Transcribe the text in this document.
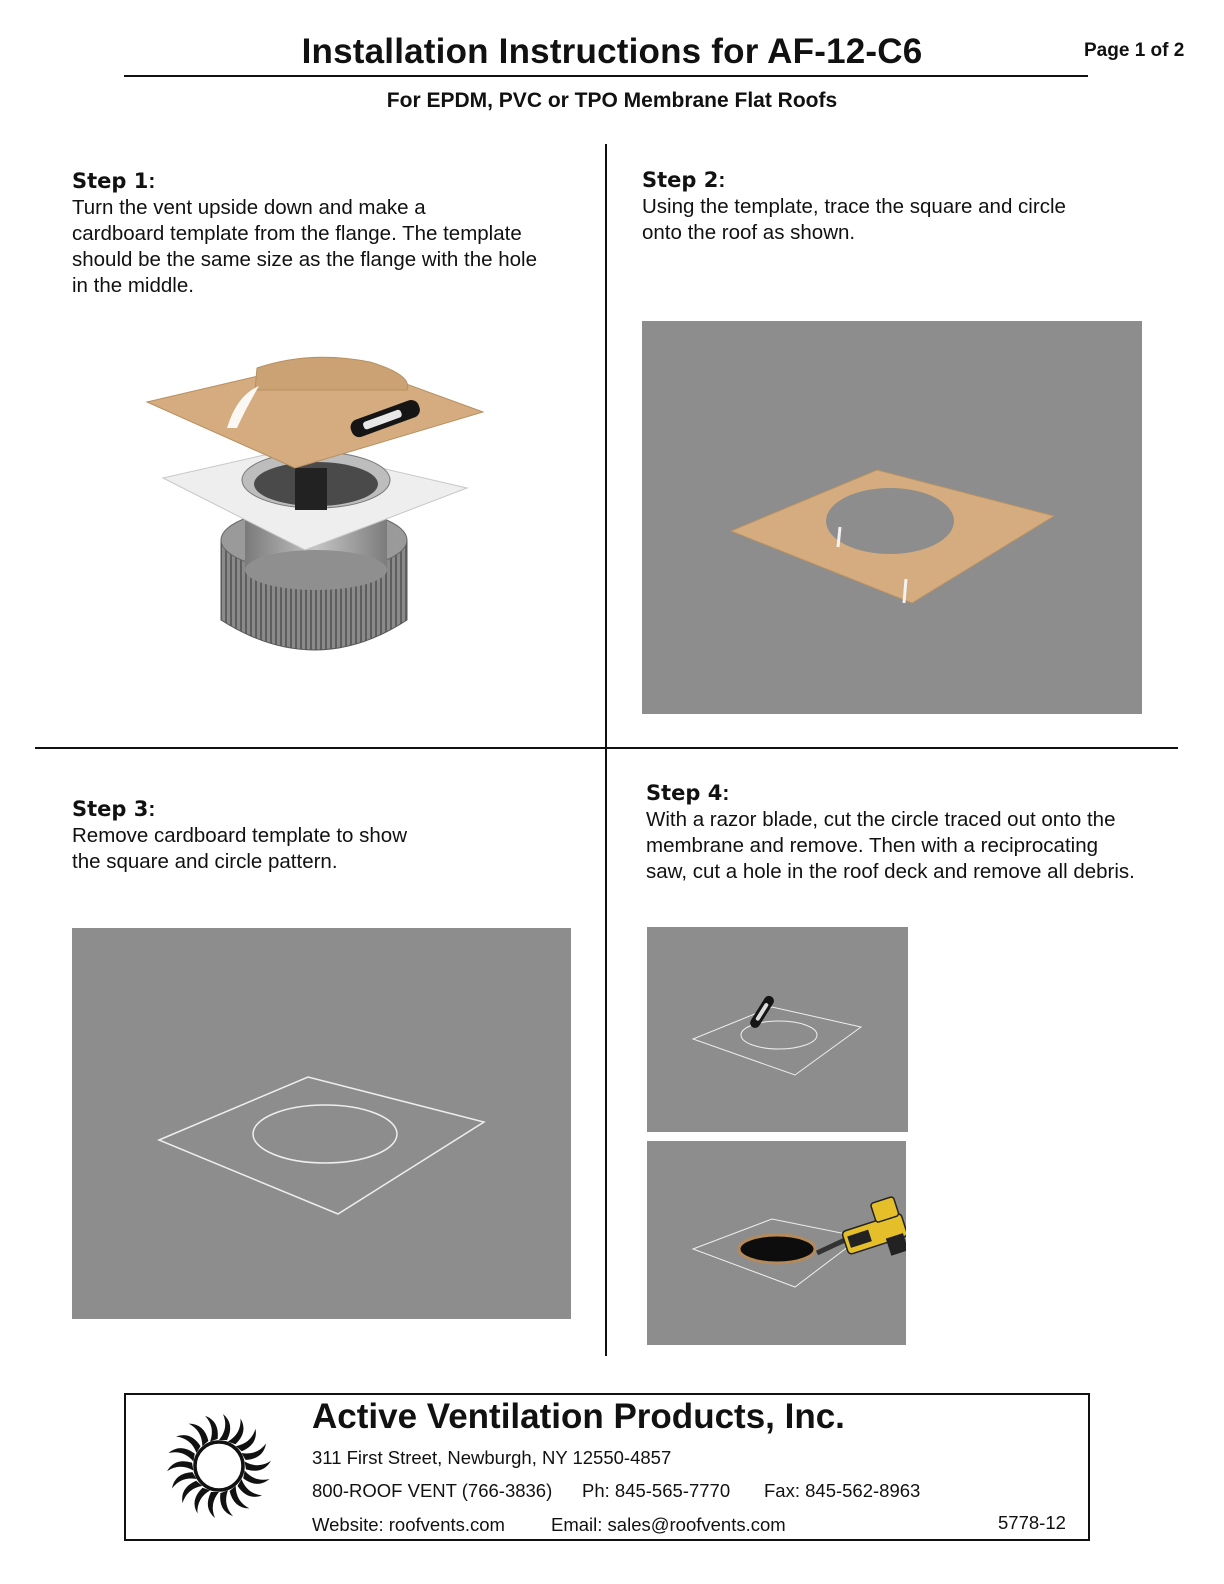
Installation Instructions for AF-12-C6	Page 1 of 2
For EPDM, PVC or TPO Membrane Flat Roofs
Step 1:

Turn the vent upside down and make a

cardboard template from the flange. The template

should be the same size as the flange with the hole

in the middle.

Step 2:

Using the template, trace the square and circle

onto the roof as shown.

Step 3:

Remove cardboard template to show

the square and circle pattern.

Step 4:

With a razor blade, cut the circle traced out onto the

membrane and remove. Then with a reciprocating

saw, cut a hole in the roof deck and remove all debris.

Active Ventilation Products, Inc.
311 First Street, Newburgh, NY 12550-4857
800-ROOF VENT (766-3836) Ph: 845-565-7770 Fax: 845-562-8963
Website: roofvents.com Email: sales@roofvents.com	5778-12
